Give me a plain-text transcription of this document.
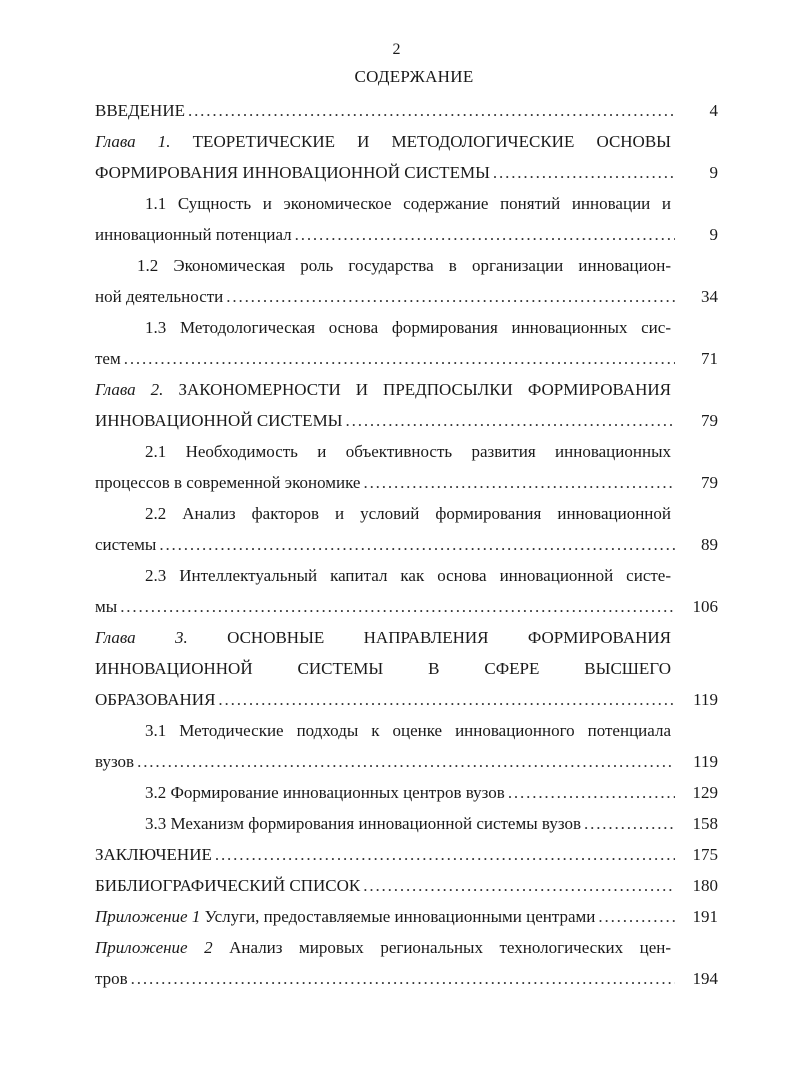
2
СОДЕРЖАНИЕ
ВВЕДЕНИЕ . . .	4
Глава 1. ТЕОРЕТИЧЕСКИЕ И МЕТОДОЛОГИЧЕСКИЕ ОСНОВЫ
ФОРМИРОВАНИЯ ИННОВАЦИОННОЙ СИСТЕМЫ . . .	9
1.1 Сущность и экономическое содержание понятий инновации и
инновационный потенциал . . .	9
1.2 Экономическая роль государства в организации инновацион-
ной деятельности . . .	34
1.3 Методологическая основа формирования инновационных сис-
тем . . .	71
Глава 2. ЗАКОНОМЕРНОСТИ И ПРЕДПОСЫЛКИ ФОРМИРОВАНИЯ
ИННОВАЦИОННОЙ СИСТЕМЫ . . .	79
2.1 Необходимость и объективность развития инновационных
процессов в современной экономике . . .	79
2.2 Анализ факторов и условий формирования инновационной
системы . . .	89
2.3 Интеллектуальный капитал как основа инновационной систе-
мы . . .	106
Глава 3. ОСНОВНЫЕ НАПРАВЛЕНИЯ ФОРМИРОВАНИЯ
ИННОВАЦИОННОЙ СИСТЕМЫ В СФЕРЕ ВЫСШЕГО
ОБРАЗОВАНИЯ . . .	119
3.1 Методические подходы к оценке инновационного потенциала
вузов . . .	119
3.2 Формирование инновационных центров вузов . . .	129
3.3 Механизм формирования инновационной системы вузов . . .	158
ЗАКЛЮЧЕНИЕ . . .	175
БИБЛИОГРАФИЧЕСКИЙ СПИСОК . . .	180
Приложение 1 Услуги, предоставляемые инновационными центрами . . .	191
Приложение 2 Анализ мировых региональных технологических цен-
тров . . .	194
